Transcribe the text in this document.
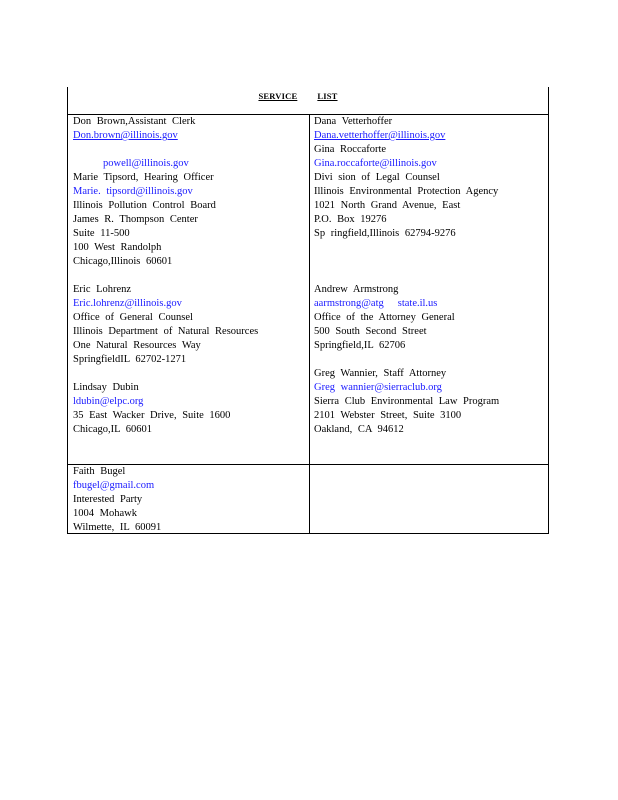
SERVICE LIST
Don Brown,Assistant Clerk
Don.brown@illinois.gov
powell@illinois.gov
Marie Tipsord, Hearing Officer
Marie. tipsord@illinois.gov
Illinois Pollution Control Board
James R. Thompson Center
Suite 11-500
100 West Randolph
Chicago,Illinois 60601
Eric Lohrenz
Eric.lohrenz@illinois.gov
Office of General Counsel
Illinois Department of Natural Resources
One Natural Resources Way
SpringfieldIL 62702-1271
Lindsay Dubin
ldubin@elpc.org
35 East Wacker Drive, Suite 1600
Chicago,IL 60601
Dana Vetterhoffer
Dana.vetterhoffer@illinois.gov
Gina Roccaforte
Gina.roccaforte@illinois.gov
Divi sion of Legal Counsel
Illinois Environmental Protection Agency
1021 North Grand Avenue, East
P.O. Box 19276
Sp ringfield,Illinois 62794-9276
Andrew Armstrong
aarmstrong@atg state.il.us
Office of the Attorney General
500 South Second Street
Springfield,IL 62706
Greg Wannier, Staff Attorney
Greg wannier@sierraclub.org
Sierra Club Environmental Law Program
2101 Webster Street, Suite 3100
Oakland, CA 94612
Faith Bugel
fbugel@gmail.com
Interested Party
1004 Mohawk
Wilmette, IL 60091
